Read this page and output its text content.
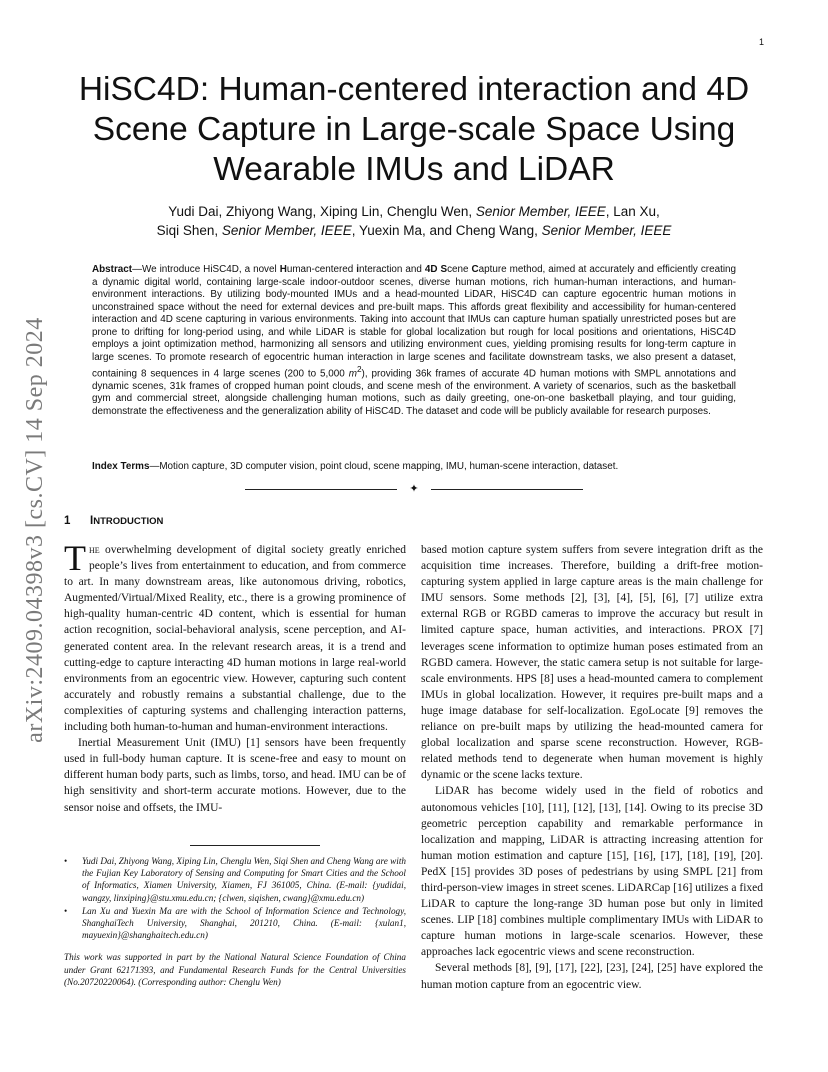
1
arXiv:2409.04398v3 [cs.CV] 14 Sep 2024
HiSC4D: Human-centered interaction and 4D
Scene Capture in Large-scale Space Using
Wearable IMUs and LiDAR
Yudi Dai, Zhiyong Wang, Xiping Lin, Chenglu Wen, Senior Member, IEEE, Lan Xu,
Siqi Shen, Senior Member, IEEE, Yuexin Ma, and Cheng Wang, Senior Member, IEEE
Abstract—We introduce HiSC4D, a novel Human-centered interaction and 4D Scene Capture method, aimed at accurately and efficiently creating a dynamic digital world, containing large-scale indoor-outdoor scenes, diverse human motions, rich human-human interactions, and human-environment interactions. By utilizing body-mounted IMUs and a head-mounted LiDAR, HiSC4D can capture egocentric human motions in unconstrained space without the need for external devices and pre-built maps. This affords great flexibility and accessibility for human-centered interaction and 4D scene capturing in various environments. Taking into account that IMUs can capture human spatially unrestricted poses but are prone to drifting for long-period using, and while LiDAR is stable for global localization but rough for local positions and orientations, HiSC4D employs a joint optimization method, harmonizing all sensors and utilizing environment cues, yielding promising results for long-term capture in large scenes. To promote research of egocentric human interaction in large scenes and facilitate downstream tasks, we also present a dataset, containing 8 sequences in 4 large scenes (200 to 5,000 $m^2$), providing 36k frames of accurate 4D human motions with SMPL annotations and dynamic scenes, 31k frames of cropped human point clouds, and scene mesh of the environment. A variety of scenarios, such as the basketball gym and commercial street, alongside challenging human motions, such as daily greeting, one-on-one basketball playing, and tour guiding, demonstrate the effectiveness and the generalization ability of HiSC4D. The dataset and code will be publicly available for research purposes.
Index Terms—Motion capture, 3D computer vision, point cloud, scene mapping, IMU, human-scene interaction, dataset.
✦
1 INTRODUCTION

The overwhelming development of digital society greatly enriched people’s lives from entertainment to education, and from commerce to art. In many downstream areas, like autonomous driving, robotics, Augmented/Virtual/Mixed Reality, etc., there is a growing prominence of high-quality human-centric 4D content, which is essential for human action recognition, social-behavioral analysis, scene perception, and AI-generated content area. In the relevant research areas, it is a trend and cutting-edge to capture interacting 4D human motions in large real-world environments from an egocentric view. However, capturing such content accurately and robustly remains a substantial challenge, due to the complexities of capturing systems and challenging interaction patterns, including both human-to-human and human-environment interactions.

Inertial Measurement Unit (IMU) [1] sensors have been frequently used in full-body human capture. It is scene-free and easy to mount on different human body parts, such as limbs, torso, and head. IMU can be of high sensitivity and short-term accurate motions. However, due to the sensor noise and offsets, the IMU-

• Yudi Dai, Zhiyong Wang, Xiping Lin, Chenglu Wen, Siqi Shen and Cheng Wang are with the Fujian Key Laboratory of Sensing and Computing for Smart Cities and the School of Informatics, Xiamen University, Xiamen, FJ 361005, China. (E-mail: {yudidai, wangzy, linxiping}@stu.xmu.edu.cn; {clwen, siqishen, cwang}@xmu.edu.cn)
• Lan Xu and Yuexin Ma are with the School of Information Science and Technology, ShanghaiTech University, Shanghai, 201210, China. (E-mail: {xulan1, mayuexin}@shanghaitech.edu.cn)
This work was supported in part by the National Natural Science Foundation of China under Grant 62171393, and Fundamental Research Funds for the Central Universities (No.20720220064). (Corresponding author: Chenglu Wen)

based motion capture system suffers from severe integration drift as the acquisition time increases. Therefore, building a drift-free motion-capturing system applied in large capture areas is the main challenge for IMU sensors. Some methods [2], [3], [4], [5], [6], [7] utilize extra external RGB or RGBD cameras to improve the accuracy but result in limited capture space, human activities, and interactions. PROX [7] leverages scene information to optimize human poses estimated from an RGBD camera. However, the static camera setup is not suitable for large-scale environments. HPS [8] uses a head-mounted camera to complement IMUs in global localization. However, it requires pre-built maps and a huge image database for self-localization. EgoLocate [9] removes the reliance on pre-built maps by utilizing the head-mounted camera for global localization and sparse scene reconstruction. However, RGB-related methods tend to degenerate when human movement is highly dynamic or the scene lacks texture.

LiDAR has become widely used in the field of robotics and autonomous vehicles [10], [11], [12], [13], [14]. Owing to its precise 3D geometric perception capability and remarkable performance in localization and mapping, LiDAR is attracting increasing attention for human motion estimation and capture [15], [16], [17], [18], [19], [20]. PedX [15] provides 3D poses of pedestrians by using SMPL [21] from third-person-view images in street scenes. LiDARCap [16] utilizes a fixed LiDAR to capture the long-range 3D human pose but only in limited scenes. LIP [18] combines multiple complimentary IMUs with LiDAR to capture human motions in large-scale scenarios. However, these approaches lack egocentric views and scene reconstruction.

Several methods [8], [9], [17], [22], [23], [24], [25] have explored the human motion capture from an egocentric view.
